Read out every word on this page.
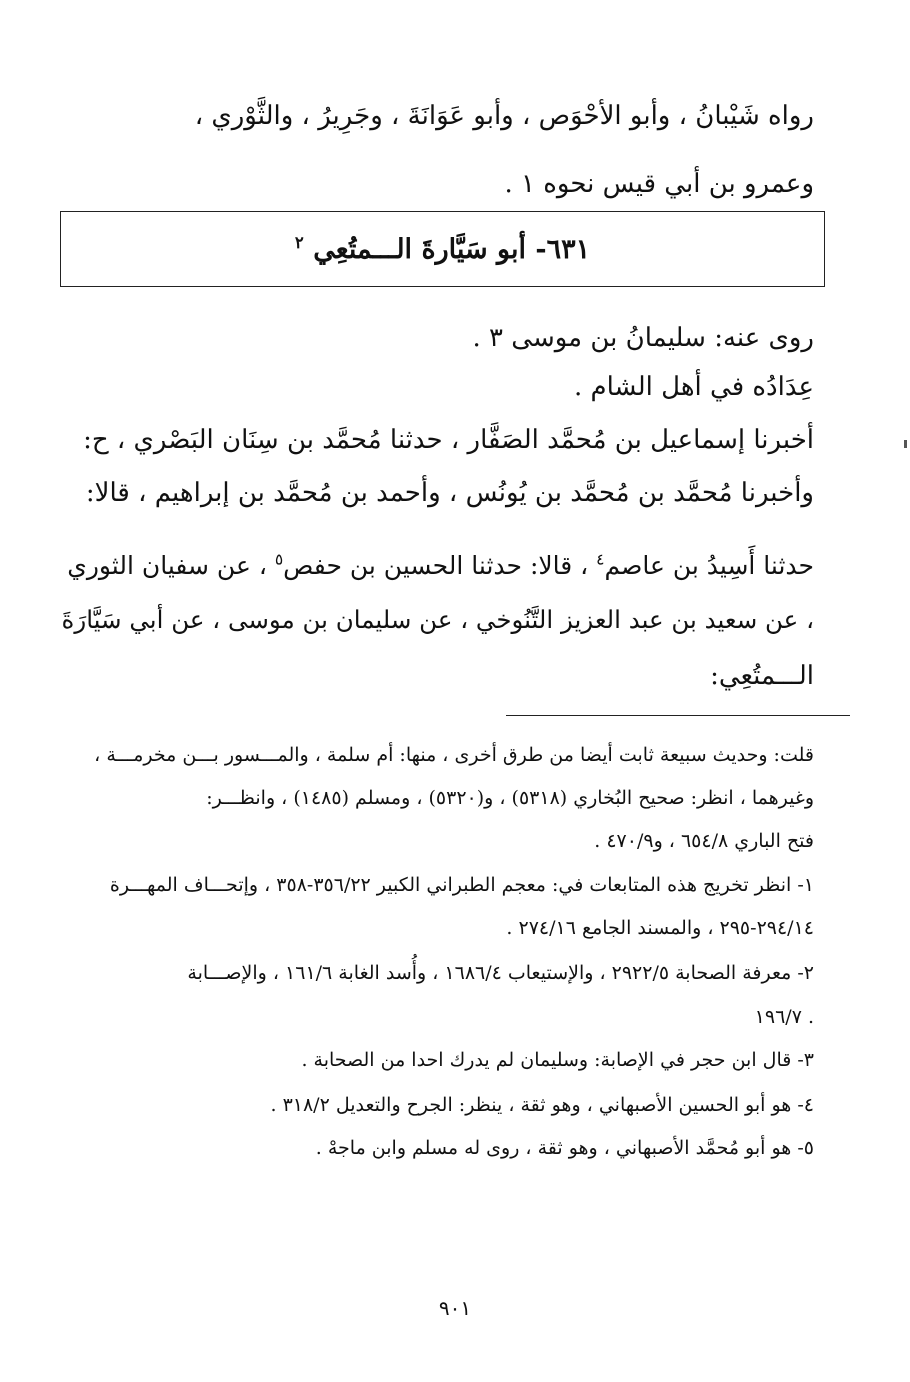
رواه شَيْبانُ ، وأبو الأحْوَص ، وأبو عَوَانَةَ ، وجَرِيرُ ، والثَّوْري ،
وعمرو بن أبي قيس نحوه ١ .
٦٣١- أبو سَيَّارةَ الـــمتُعِي $^٢$
روى عنه: سليمانُ بن موسى ٣ .
عِدَادُه في أهل الشام .
أخبرنا إسماعيل بن مُحمَّد الصَفَّار ، حدثنا مُحمَّد بن سِنَان البَصْري ، ح:
وأخبرنا مُحمَّد بن مُحمَّد بن يُونُس ، وأحمد بن مُحمَّد بن إبراهيم ، قالا:
حدثنا أَسِيدُ بن عاصم$^٤$ ، قالا: حدثنا الحسين بن حفص$^٥$ ، عن سفيان الثوري
، عن سعيد بن عبد العزيز التَّنُوخي ، عن سليمان بن موسى ، عن أبي سَيَّارَةَ
الـــمتُعِي:
قلت: وحديث سبيعة ثابت أيضا من طرق أخرى ، منها: أم سلمة ، والمـــسور بـــن مخرمـــة ،
وغيرهما ، انظر: صحيح البُخاري (٥٣١٨) ، و(٥٣٢٠) ، ومسلم (١٤٨٥) ، وانظـــر:
فتح الباري ٦٥٤/٨ ، و٤٧٠/٩ .
١- انظر تخريج هذه المتابعات في: معجم الطبراني الكبير ٣٥٦/٢٢-٣٥٨ ، وإتحـــاف المهـــرة
٢٩٤/١٤-٢٩٥ ، والمسند الجامع ٢٧٤/١٦ .
٢- معرفة الصحابة ٢٩٢٢/٥ ، والإستيعاب ١٦٨٦/٤ ، وأُسد الغابة ١٦١/٦ ، والإصـــابة
١٩٦/٧ .
٣- قال ابن حجر في الإصابة: وسليمان لم يدرك احدا من الصحابة .
٤- هو أبو الحسين الأصبهاني ، وهو ثقة ، ينظر: الجرح والتعديل ٣١٨/٢ .
٥- هو أبو مُحمَّد الأصبهاني ، وهو ثقة ، روى له مسلم وابن ماجهْ .
٩٠١
